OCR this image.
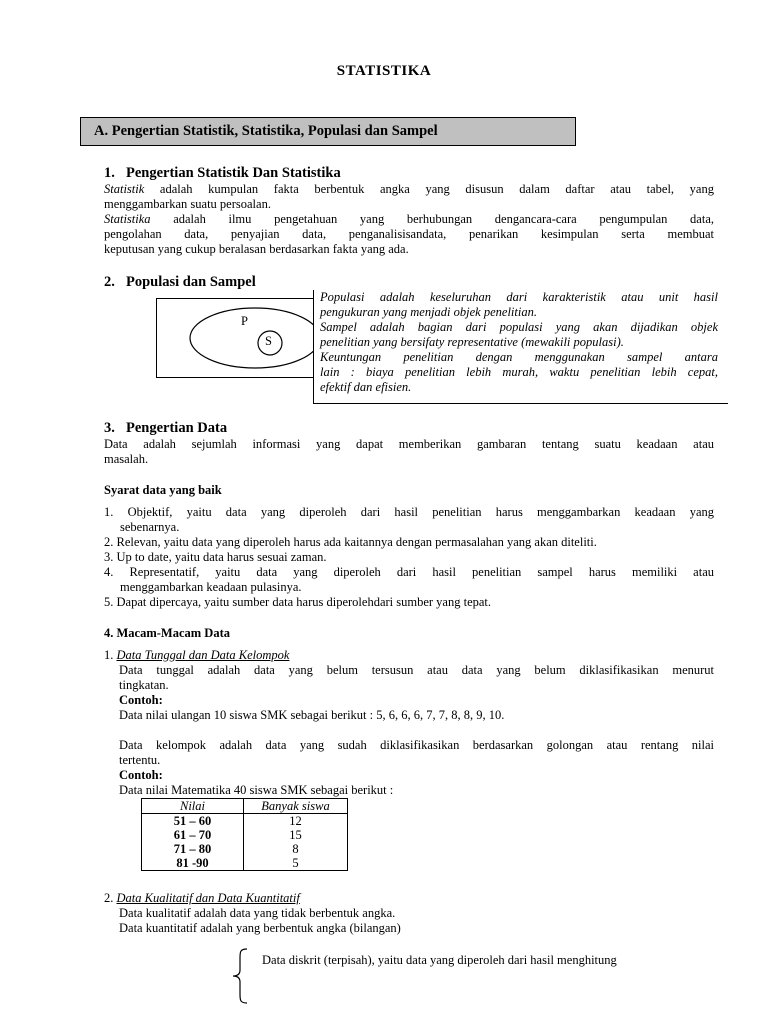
STATISTIKA
A. Pengertian Statistik, Statistika, Populasi dan Sampel
1. Pengertian Statistik Dan Statistika
Statistik adalah kumpulan fakta berbentuk angka yang disusun dalam daftar atau tabel, yang
menggambarkan suatu persoalan.
Statistika adalah ilmu pengetahuan yang berhubungan dengancara-cara pengumpulan data,
pengolahan data, penyajian data, penganalisisandata, penarikan kesimpulan serta membuat
keputusan yang cukup beralasan berdasarkan fakta yang ada.
2. Populasi dan Sampel
P
S
Populasi adalah keseluruhan dari karakteristik atau unit hasil
pengukuran yang menjadi objek penelitian.
Sampel adalah bagian dari populasi yang akan dijadikan objek
penelitian yang bersifaty representative (mewakili populasi).
Keuntungan penelitian dengan menggunakan sampel antara
lain : biaya penelitian lebih murah, waktu penelitian lebih cepat,
efektif dan efisien.
3. Pengertian Data
Data adalah sejumlah informasi yang dapat memberikan gambaran tentang suatu keadaan atau
masalah.
Syarat data yang baik
1. Objektif, yaitu data yang diperoleh dari hasil penelitian harus menggambarkan keadaan yang
sebenarnya.
2. Relevan, yaitu data yang diperoleh harus ada kaitannya dengan permasalahan yang akan diteliti.
3. Up to date, yaitu data harus sesuai zaman.
4. Representatif, yaitu data yang diperoleh dari hasil penelitian sampel harus memiliki atau
menggambarkan keadaan pulasinya.
5. Dapat dipercaya, yaitu sumber data harus diperolehdari sumber yang tepat.
4. Macam-Macam Data
1. Data Tunggal dan Data Kelompok
Data tunggal adalah data yang belum tersusun atau data yang belum diklasifikasikan menurut
tingkatan.
Contoh:
Data nilai ulangan 10 siswa SMK sebagai berikut : 5, 6, 6, 6, 7, 7, 8, 8, 9, 10.
Data kelompok adalah data yang sudah diklasifikasikan berdasarkan golongan atau rentang nilai
tertentu.
Contoh:
Data nilai Matematika 40 siswa SMK sebagai berikut :
Nilai	Banyak siswa
51 – 60	12
61 – 70	15
71 – 80	8
81 -90	5
2. Data Kualitatif dan Data Kuantitatif
Data kualitatif adalah data yang tidak berbentuk angka.
Data kuantitatif adalah yang berbentuk angka (bilangan)
Data diskrit (terpisah), yaitu data yang diperoleh dari hasil menghitung
